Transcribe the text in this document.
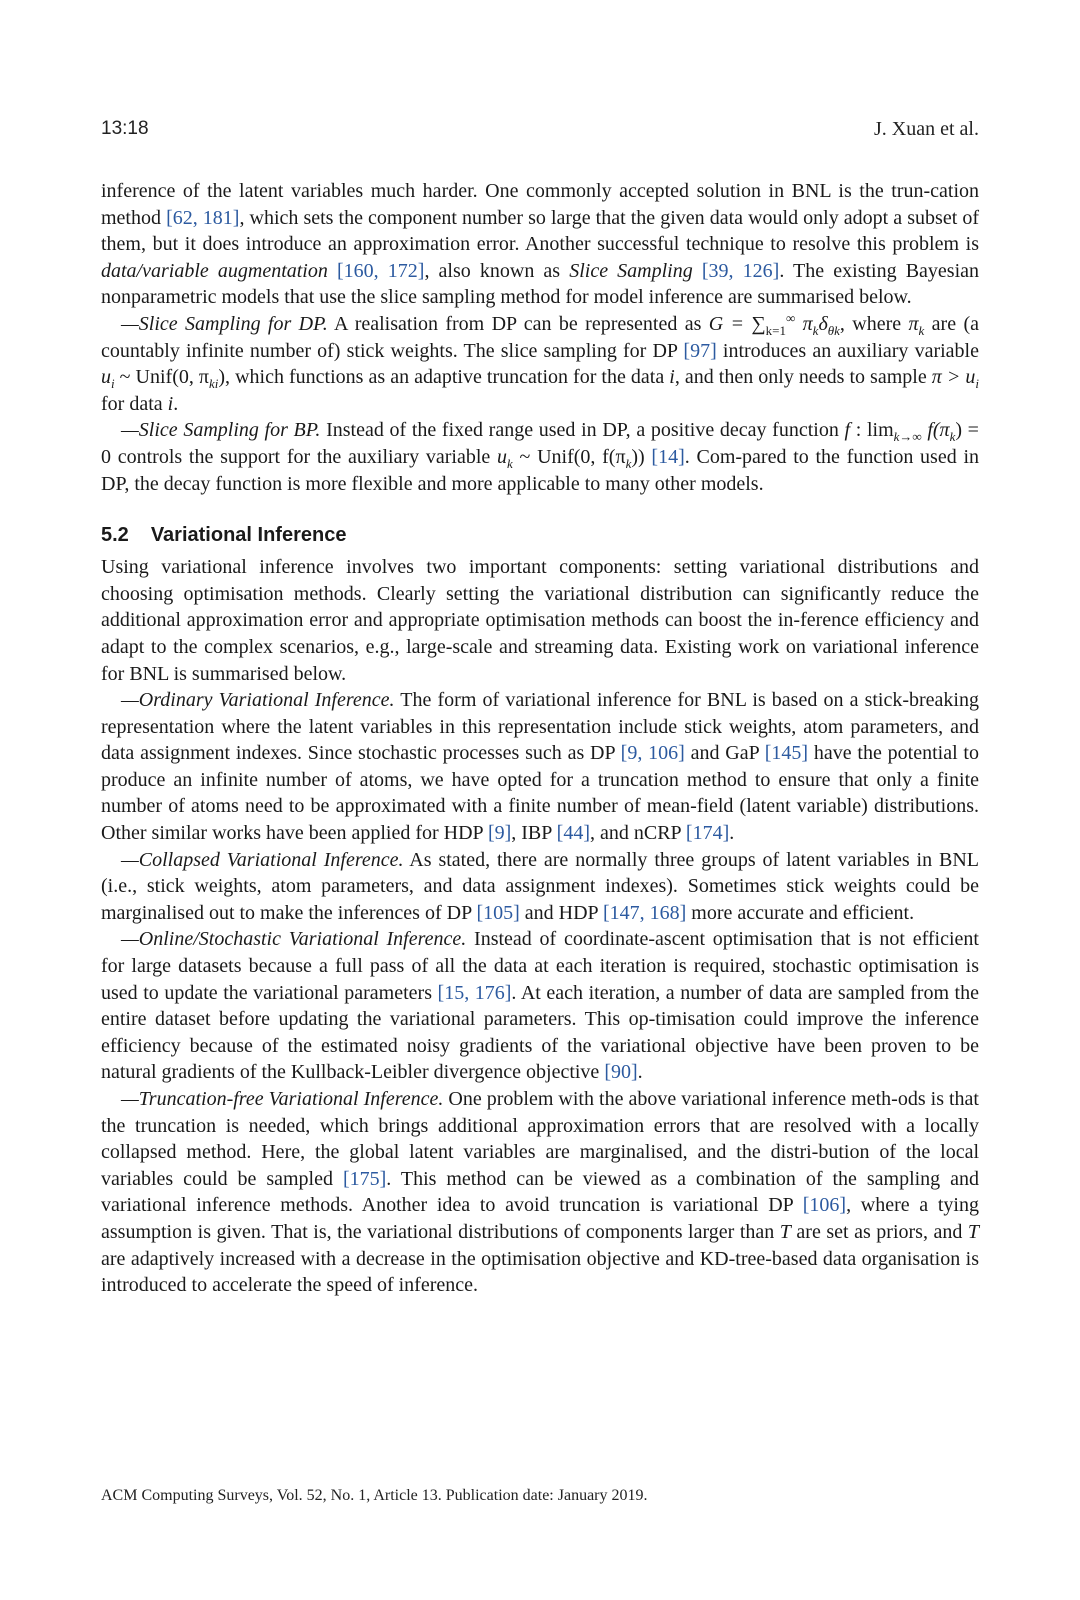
13:18	J. Xuan et al.

inference of the latent variables much harder. One commonly accepted solution in BNL is the trun-cation method [62, 181], which sets the component number so large that the given data would only adopt a subset of them, but it does introduce an approximation error. Another successful technique to resolve this problem is data/variable augmentation [160, 172], also known as Slice Sampling [39, 126]. The existing Bayesian nonparametric models that use the slice sampling method for model inference are summarised below.

—Slice Sampling for DP. A realisation from DP can be represented as $G = \sum_{k=1}^\infty$ $\pi_k\delta_{\theta k}$, where $\pi_k$ are (a countably infinite number of) stick weights. The slice sampling for DP [97] introduces an auxiliary variable $u_i$ ~ Unif(0, $\pi_{ki}$), which functions as an adaptive truncation for the data i, and then only needs to sample $\pi > u_i$ for data i.

—Slice Sampling for BP. Instead of the fixed range used in DP, a positive decay function f : $\lim_{k\to\infty} f(\pi_k) = 0$ controls the support for the auxiliary variable $u_k$ ~ Unif(0, $f(\pi_k)$) [14]. Com-pared to the function used in DP, the decay function is more flexible and more applicable to many other models.

5.2 Variational Inference

Using variational inference involves two important components: setting variational distributions and choosing optimisation methods. Clearly setting the variational distribution can significantly reduce the additional approximation error and appropriate optimisation methods can boost the in-ference efficiency and adapt to the complex scenarios, e.g., large-scale and streaming data. Existing work on variational inference for BNL is summarised below.

—Ordinary Variational Inference. The form of variational inference for BNL is based on a stick-breaking representation where the latent variables in this representation include stick weights, atom parameters, and data assignment indexes. Since stochastic processes such as DP [9, 106] and GaP [145] have the potential to produce an infinite number of atoms, we have opted for a truncation method to ensure that only a finite number of atoms need to be approximated with a finite number of mean-field (latent variable) distributions. Other similar works have been applied for HDP [9], IBP [44], and nCRP [174].

—Collapsed Variational Inference. As stated, there are normally three groups of latent variables in BNL (i.e., stick weights, atom parameters, and data assignment indexes). Sometimes stick weights could be marginalised out to make the inferences of DP [105] and HDP [147, 168] more accurate and efficient.

—Online/Stochastic Variational Inference. Instead of coordinate-ascent optimisation that is not efficient for large datasets because a full pass of all the data at each iteration is required, stochastic optimisation is used to update the variational parameters [15, 176]. At each iteration, a number of data are sampled from the entire dataset before updating the variational parameters. This op-timisation could improve the inference efficiency because of the estimated noisy gradients of the variational objective have been proven to be natural gradients of the Kullback-Leibler divergence objective [90].

—Truncation-free Variational Inference. One problem with the above variational inference meth-ods is that the truncation is needed, which brings additional approximation errors that are resolved with a locally collapsed method. Here, the global latent variables are marginalised, and the distri-bution of the local variables could be sampled [175]. This method can be viewed as a combination of the sampling and variational inference methods. Another idea to avoid truncation is variational DP [106], where a tying assumption is given. That is, the variational distributions of components larger than T are set as priors, and T are adaptively increased with a decrease in the optimisation objective and KD-tree-based data organisation is introduced to accelerate the speed of inference.

ACM Computing Surveys, Vol. 52, No. 1, Article 13. Publication date: January 2019.
